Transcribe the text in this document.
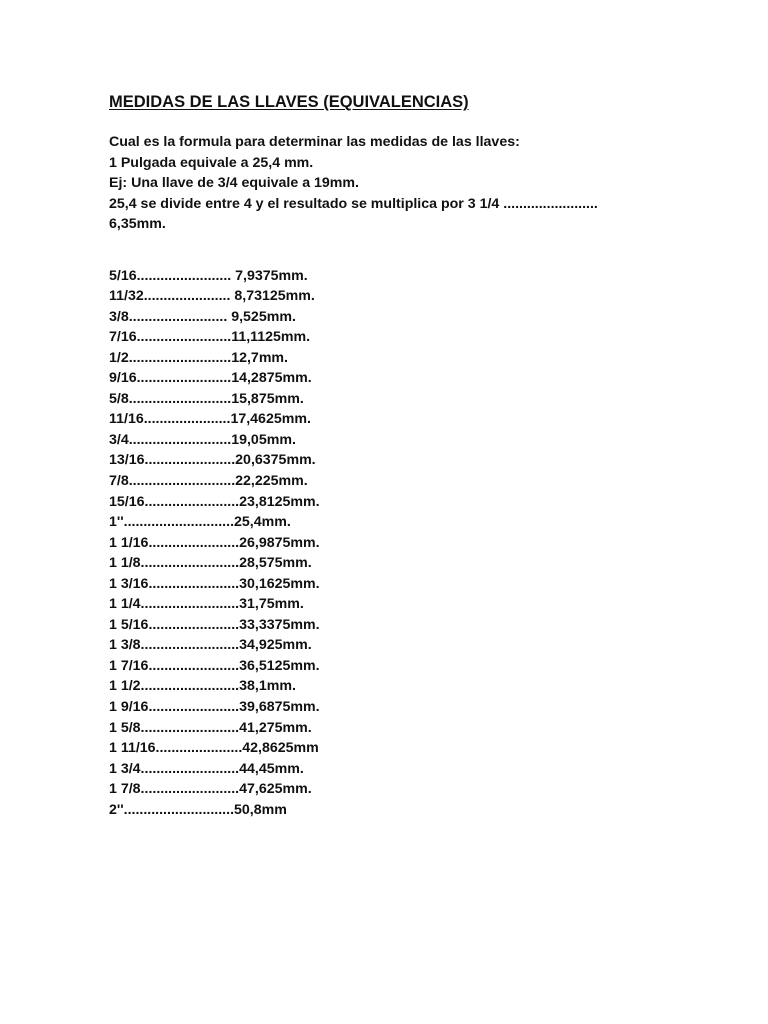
MEDIDAS DE LAS LLAVES (EQUIVALENCIAS)
Cual es la formula para determinar las medidas de las llaves:
1 Pulgada equivale a 25,4 mm.
Ej: Una llave de 3/4 equivale a 19mm.
25,4 se divide entre 4 y el resultado se multiplica por 3 1/4 ........................
6,35mm.
5/16........................ 7,9375mm.
11/32...................... 8,73125mm.
3/8......................... 9,525mm.
7/16........................11,1125mm.
1/2..........................12,7mm.
9/16........................14,2875mm.
5/8..........................15,875mm.
11/16......................17,4625mm.
3/4..........................19,05mm.
13/16.......................20,6375mm.
7/8...........................22,225mm.
15/16........................23,8125mm.
1''............................25,4mm.
1 1/16.......................26,9875mm.
1 1/8.........................28,575mm.
1 3/16.......................30,1625mm.
1 1/4.........................31,75mm.
1 5/16.......................33,3375mm.
1 3/8.........................34,925mm.
1 7/16.......................36,5125mm.
1 1/2.........................38,1mm.
1 9/16.......................39,6875mm.
1 5/8.........................41,275mm.
1 11/16......................42,8625mm
1 3/4.........................44,45mm.
1 7/8.........................47,625mm.
2''............................50,8mm
